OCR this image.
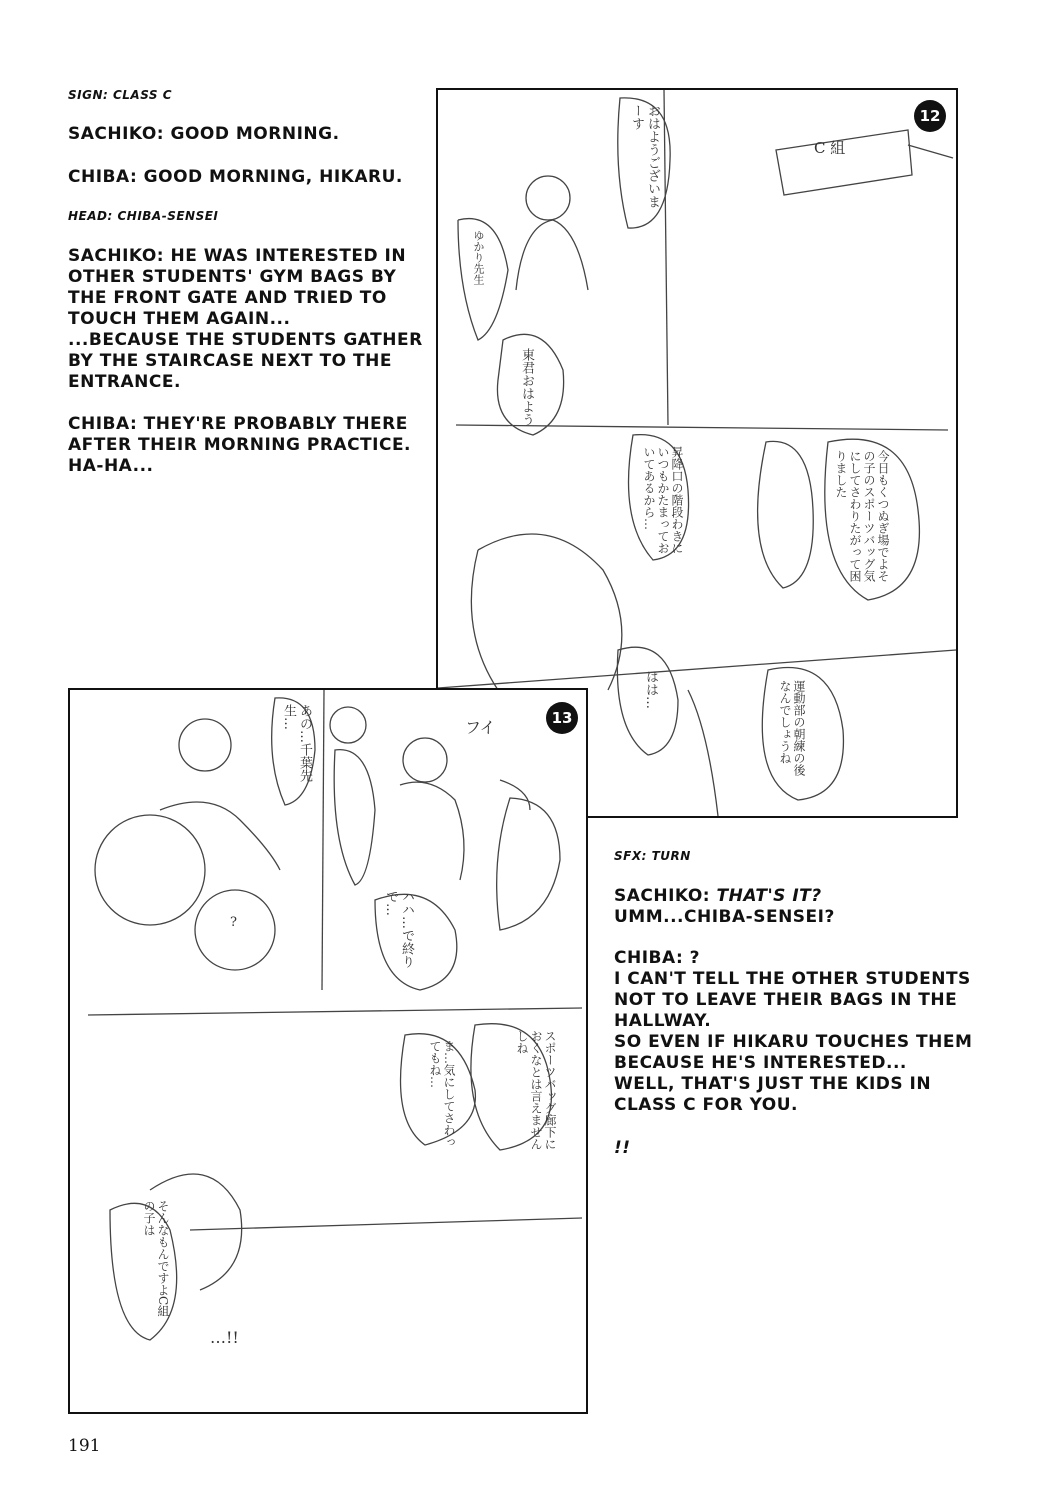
SIGN: CLASS C

SACHIKO: GOOD MORNING.

CHIBA: GOOD MORNING, HIKARU.

HEAD: CHIBA-SENSEI

SACHIKO: HE WAS INTERESTED IN
OTHER STUDENTS' GYM BAGS BY
THE FRONT GATE AND TRIED TO
TOUCH THEM AGAIN...
...BECAUSE THE STUDENTS GATHER
BY THE STAIRCASE NEXT TO THE
ENTRANCE.
CHIBA: THEY'RE PROBABLY THERE
AFTER THEIR MORNING PRACTICE.
HA-HA...
12
C 組
おはようございまーす
ゆかり先生
東君おはよう
今日もくつぬぎ場でよその子のスポーツバッグ気にしてさわりたがって困りました
昇降口の階段わきにいつもかたまっておいてあるから…
はは…	運動部の朝練の後なんでしょうね
13
あの…千葉先生…
?	ハハ…で終りで…
フイ
スポーツバッグ廊下におくなとは言えませんしね
ま…気にしてさわってもね…
そんなもんですよC組の子は
…!!

SFX: TURN

SACHIKO: THAT'S IT?
UMM...CHIBA-SENSEI?
CHIBA: ?
I CAN'T TELL THE OTHER STUDENTS
NOT TO LEAVE THEIR BAGS IN THE
HALLWAY.
SO EVEN IF HIKARU TOUCHES THEM
BECAUSE HE'S INTERESTED...
WELL, THAT'S JUST THE KIDS IN
CLASS C FOR YOU.

!!

191
